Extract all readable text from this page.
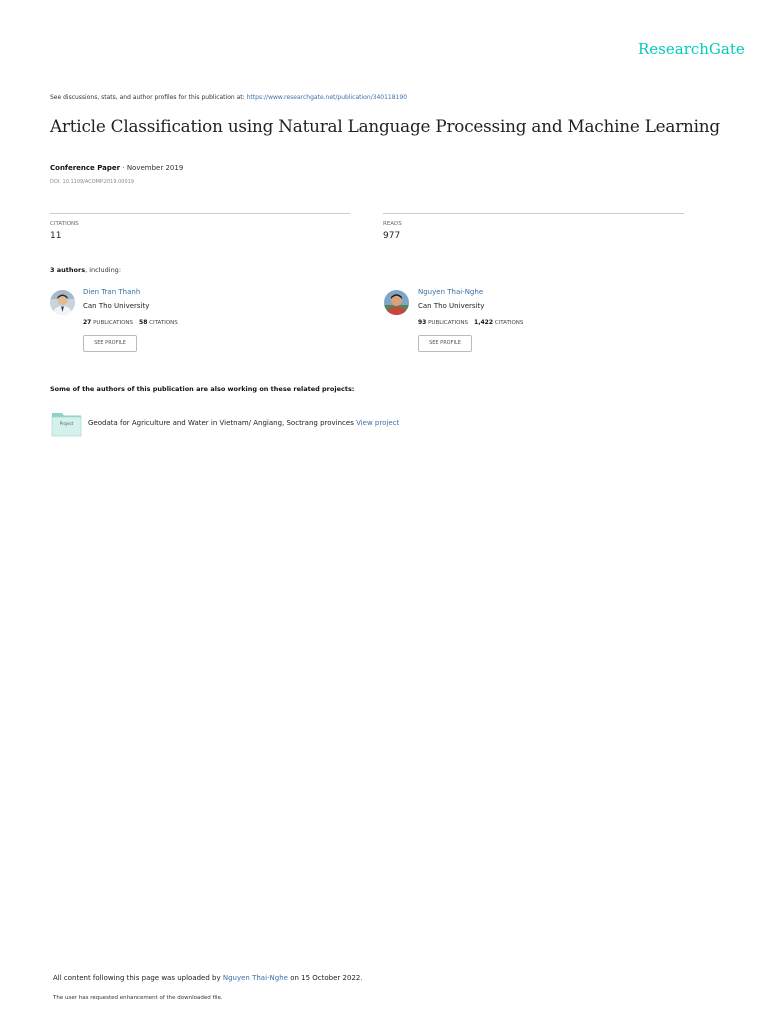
ResearchGate
See discussions, stats, and author profiles for this publication at: https://www.researchgate.net/publication/340118190
Article Classification using Natural Language Processing and Machine Learning
Conference Paper · November 2019
DOI: 10.1109/ACOMP.2019.00019
CITATIONS
11
READS
977
3 authors, including:
Dien Tran Thanh
Can Tho University
27 PUBLICATIONS 58 CITATIONS
SEE PROFILE
Nguyen Thai-Nghe
Can Tho University
93 PUBLICATIONS 1,422 CITATIONS
SEE PROFILE
Some of the authors of this publication are also working on these related projects:
Project	Geodata for Agriculture and Water in Vietnam/ Angiang, Soctrang provinces View project
All content following this page was uploaded by Nguyen Thai-Nghe on 15 October 2022.
The user has requested enhancement of the downloaded file.
